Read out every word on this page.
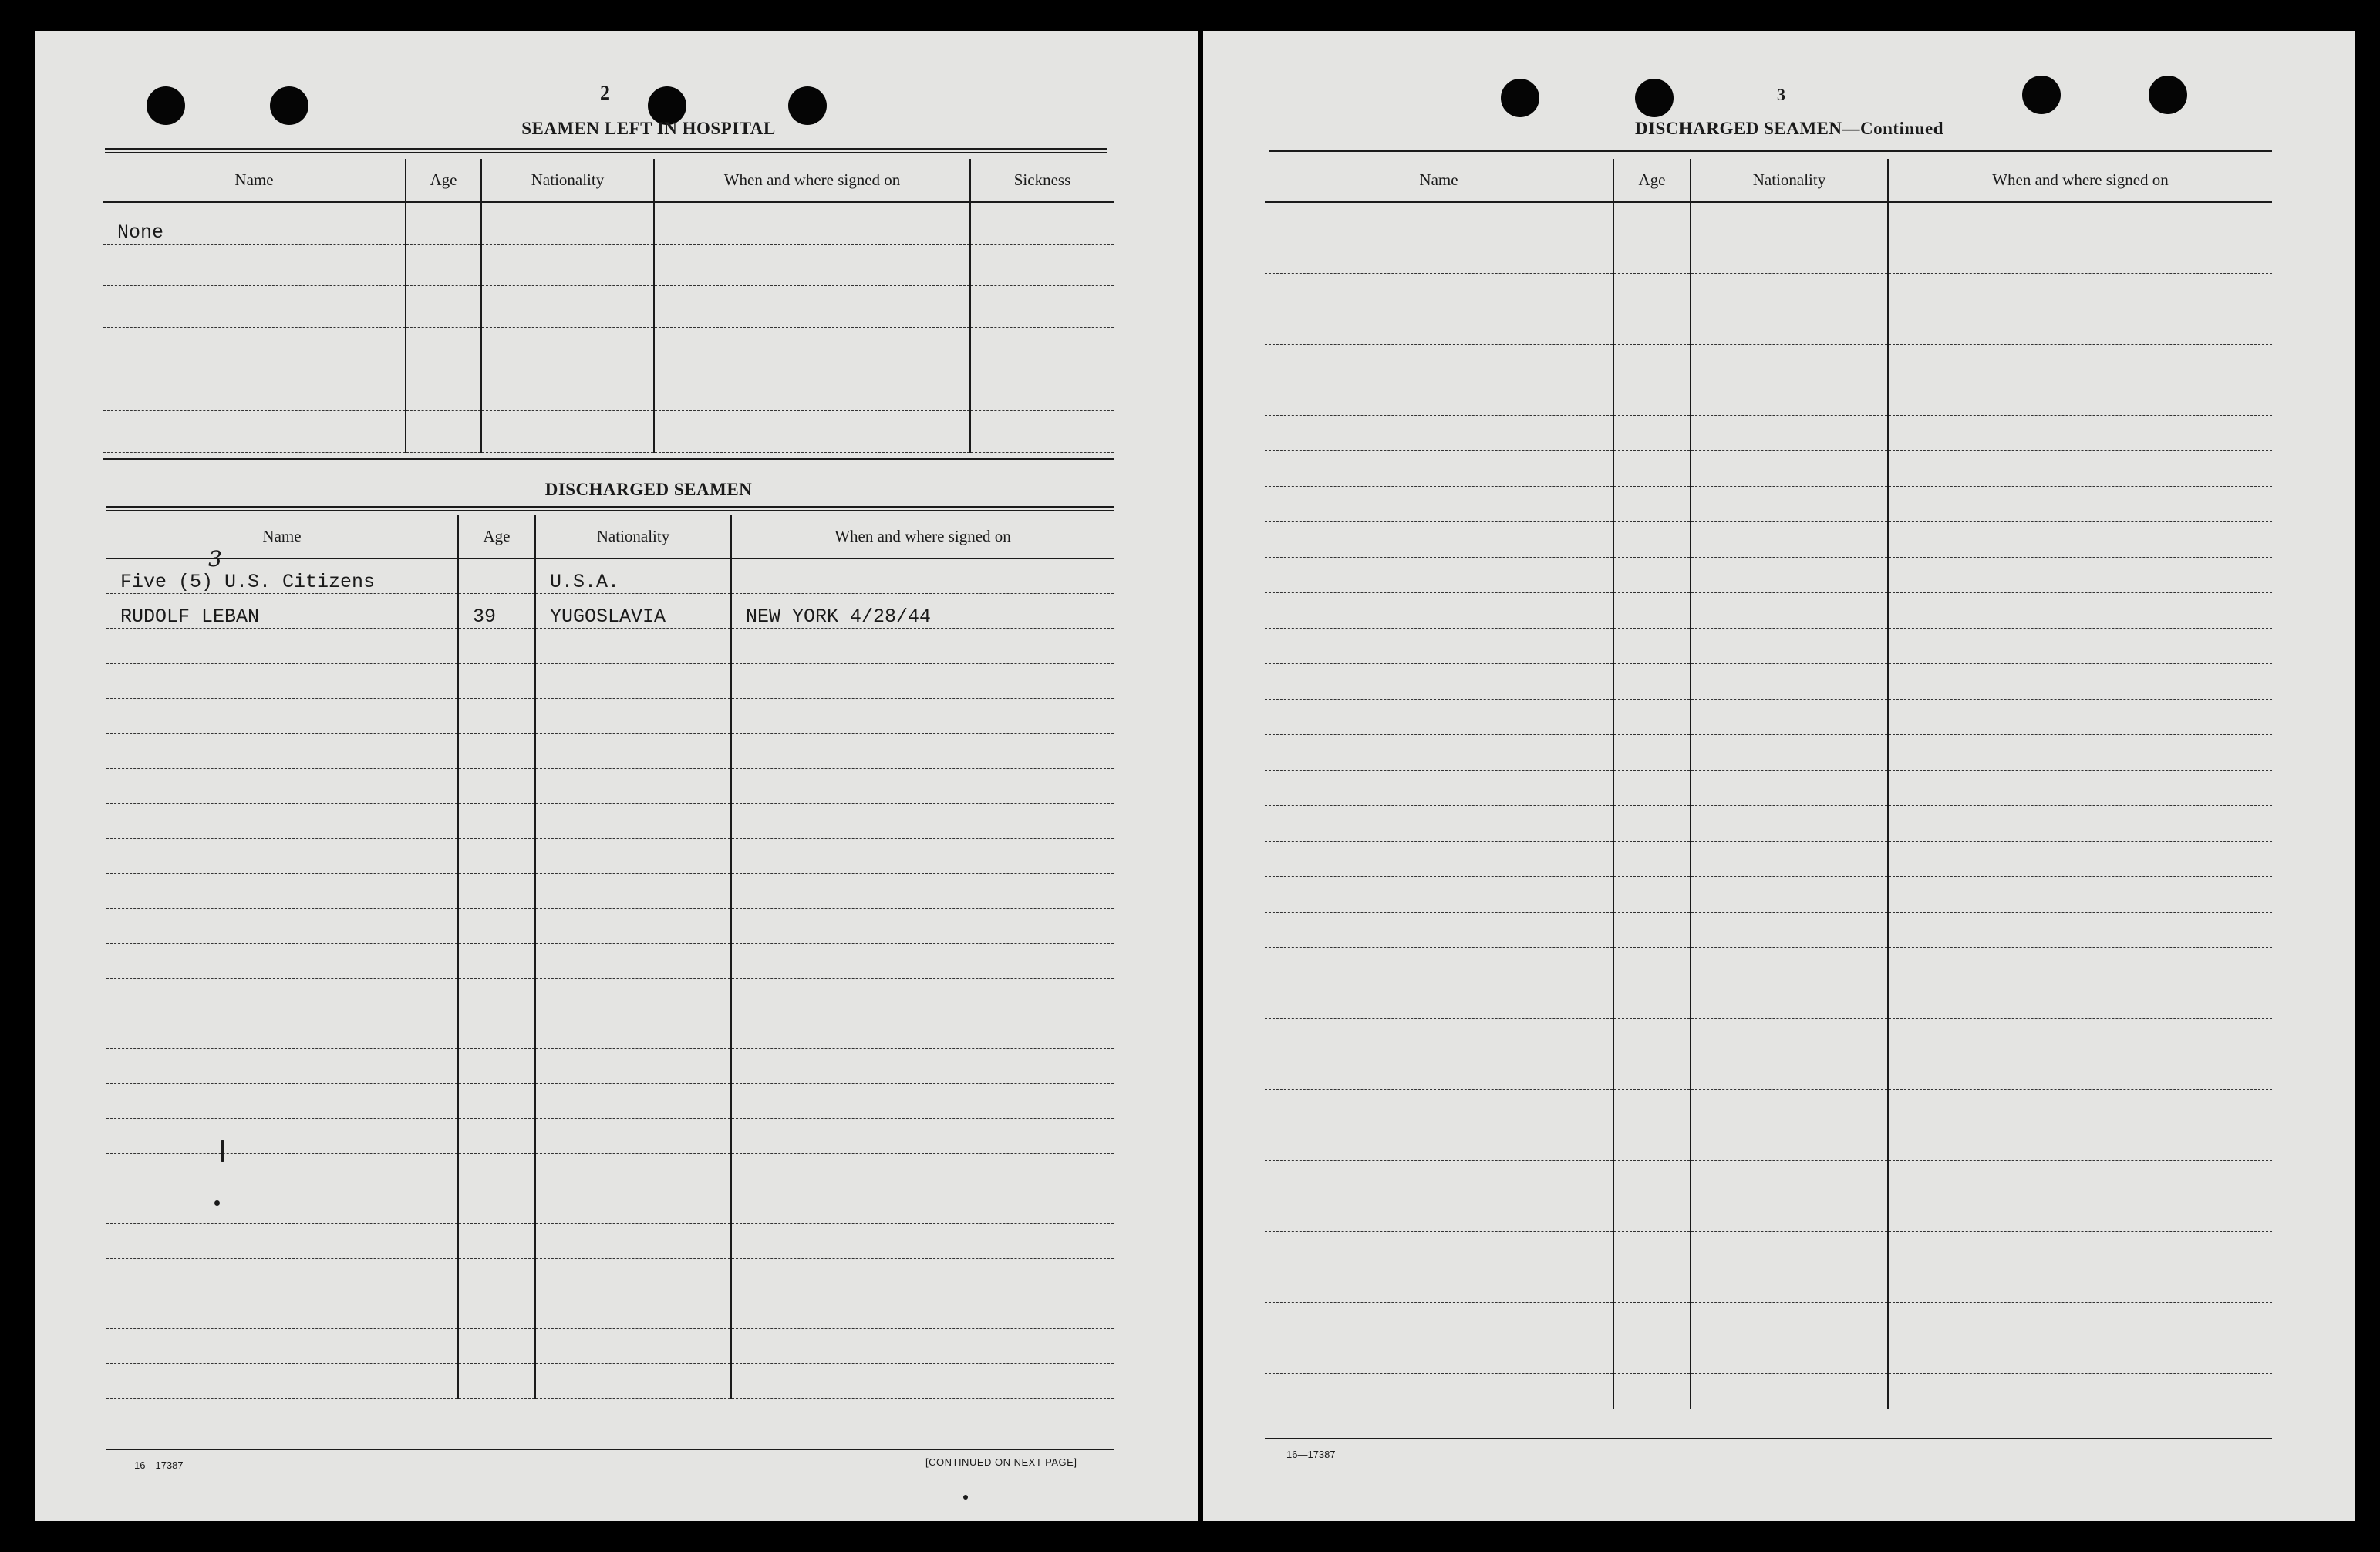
2
SEAMEN LEFT IN HOSPITAL
Name	Age	Nationality	When and where signed on	Sickness
None				

DISCHARGED SEAMEN
Name	Age	Nationality	When and where signed on
Five (5) U.S. Citizens		U.S.A.	
RUDOLF LEBAN	39	YUGOSLAVIA	NEW YORK 4/28/44

3
16—17387	[CONTINUED ON NEXT PAGE]
3
DISCHARGED SEAMEN—Continued
Name	Age	Nationality	When and where signed on

16—17387
